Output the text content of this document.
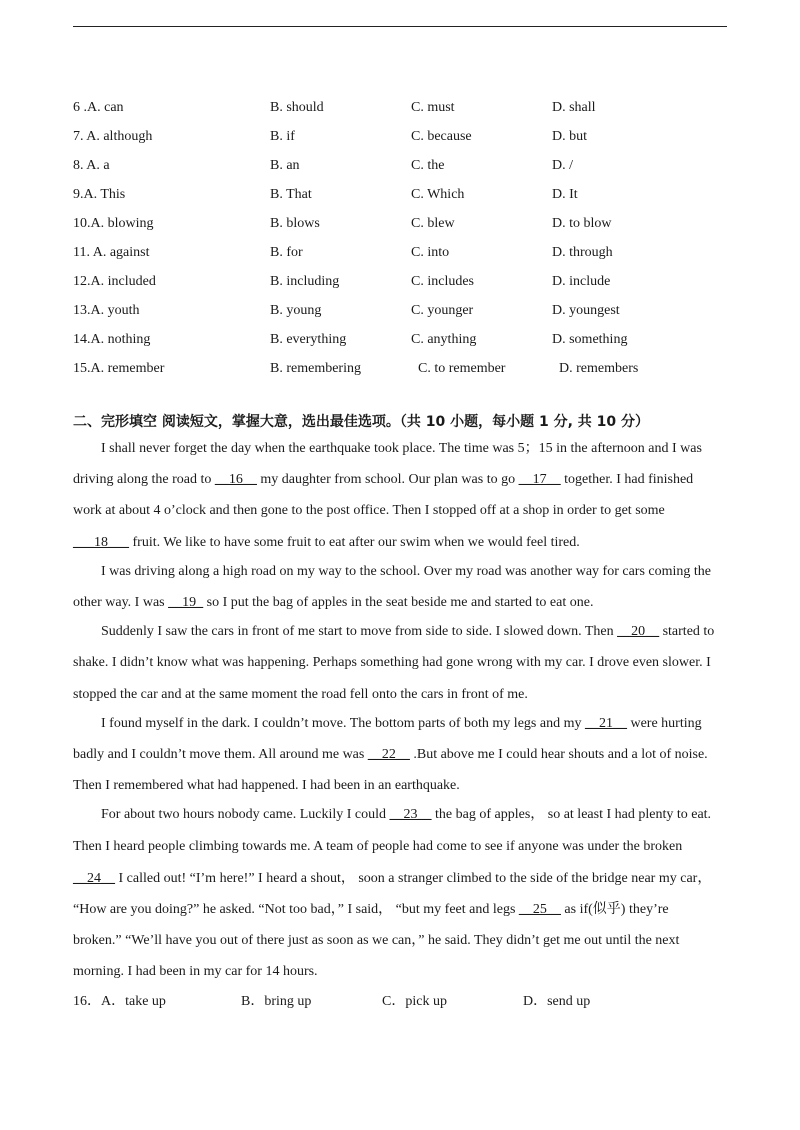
6 .A. can	B. should	C. must	D. shall
7. A. although	B. if	C. because	D. but
8. A. a	B. an	C. the	D. /
9.A. This	B. That	C. Which	D. It
10.A. blowing	B. blows	C. blew	D. to blow
11. A. against	B. for	C. into	D. through
12.A. included	B. including	C. includes	D. include
13.A. youth	B. young	C. younger	D. youngest
14.A. nothing	B. everything	C. anything	D. something
15.A. remember	B. remembering	C. to remember	D. remembers
二、完形填空 阅读短文，掌握大意，选出最佳选项。（共 10 小题，每小题 1 分, 共 10 分）
I shall never forget the day when the earthquake took place. The time was 5；15 in the afternoon and I was
driving along the road to __16__ my daughter from school. Our plan was to go __17__ together. I had finished
work at about 4 o’clock and then gone to the post office. Then I stopped off at a shop in order to get some
___18___ fruit. We like to have some fruit to eat after our swim when we would feel tired.
I was driving along a high road on my way to the school. Over my road was another way for cars coming the
other way. I was __19_ so I put the bag of apples in the seat beside me and started to eat one.
Suddenly I saw the cars in front of me start to move from side to side. I slowed down. Then __20__ started to
shake. I didn’t know what was happening. Perhaps something had gone wrong with my car. I drove even slower. I
stopped the car and at the same moment the road fell onto the cars in front of me.
I found myself in the dark. I couldn’t move. The bottom parts of both my legs and my __21__ were hurting
badly and I couldn’t move them. All around me was __22__ .But above me I could hear shouts and a lot of noise.
Then I remembered what had happened. I had been in an earthquake.
For about two hours nobody came. Luckily I could __23__ the bag of apples， so at least I had plenty to eat.
Then I heard people climbing towards me. A team of people had come to see if anyone was under the broken
__24__ I called out! “I’m here!” I heard a shout， soon a stranger climbed to the side of the bridge near my car，
“How are you doing?” he asked. “Not too bad，” I said， “but my feet and legs __25__ as if(似乎) they’re
broken.” “We’ll have you out of there just as soon as we can，” he said. They didn’t get me out until the next
morning. I had been in my car for 14 hours.
16．A．take up	B．bring up	C．pick up	D．send up
